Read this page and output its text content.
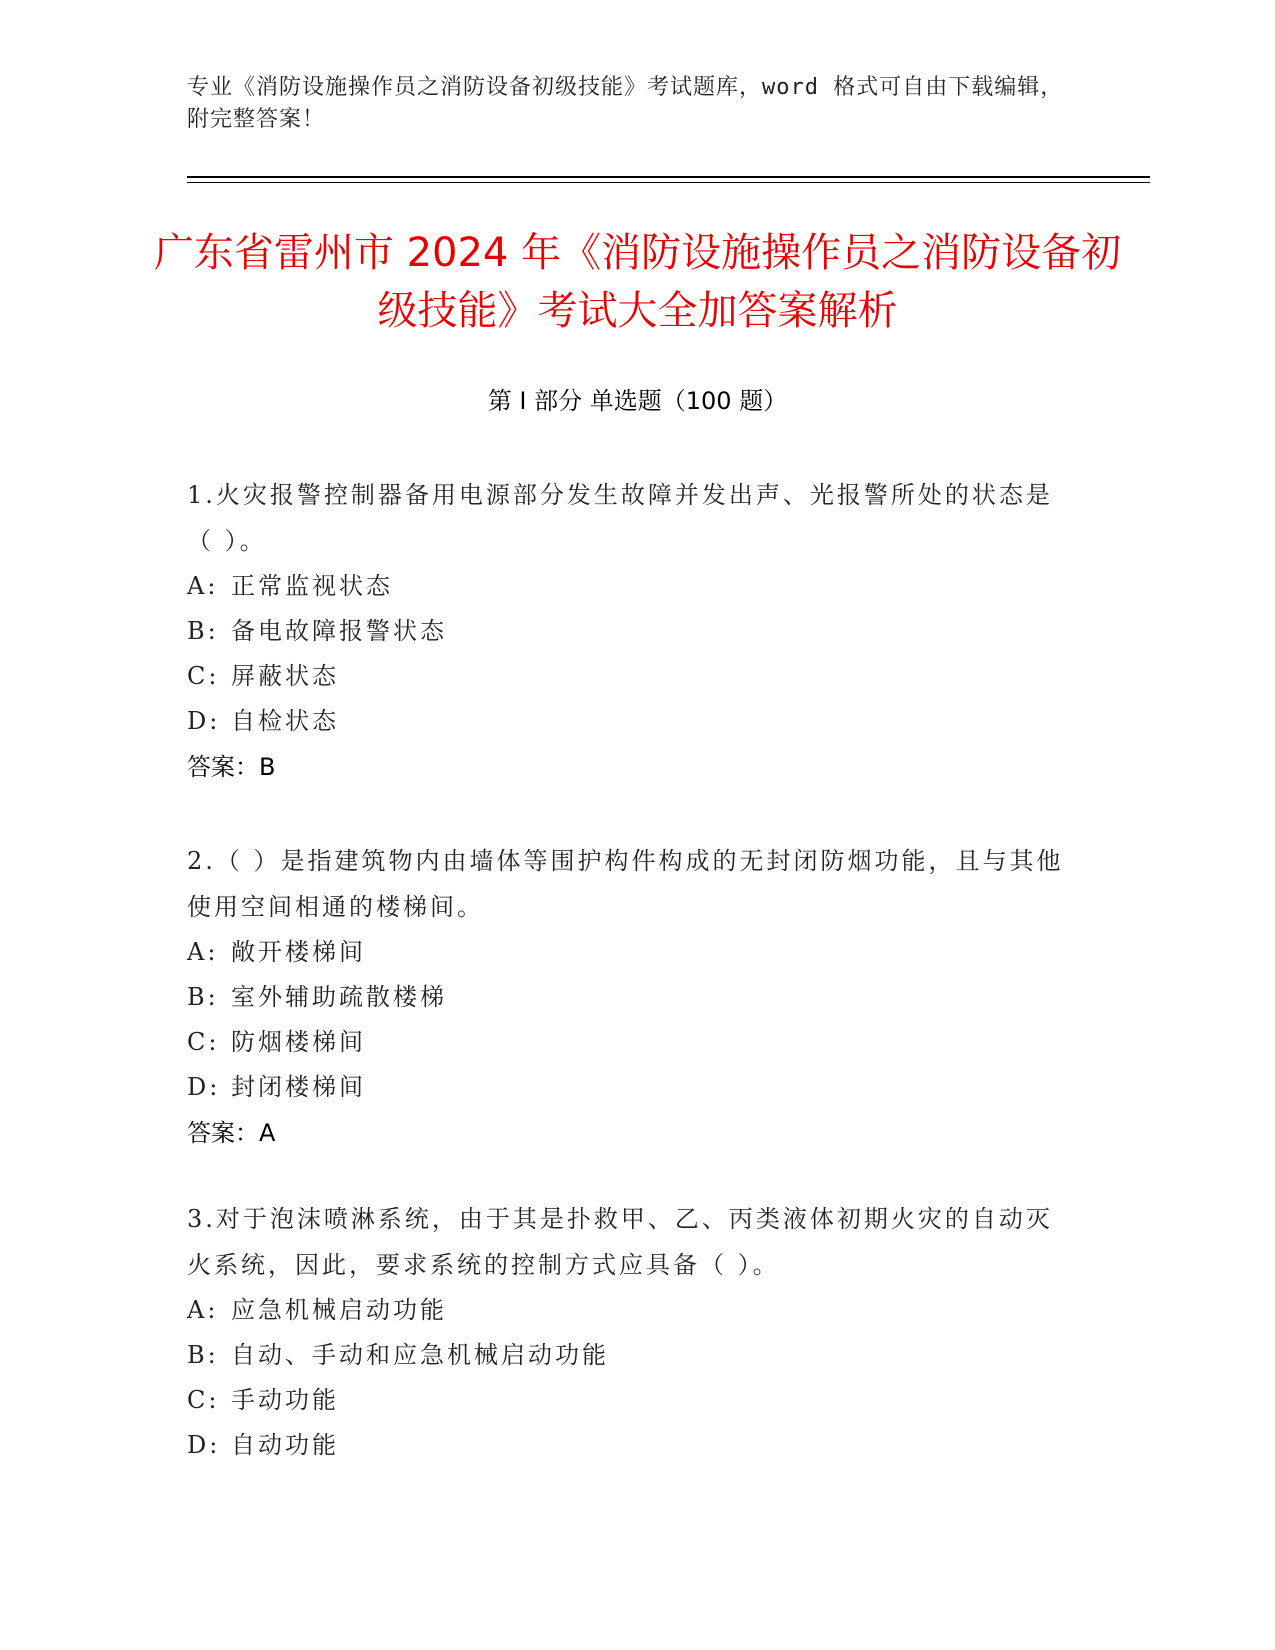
专业《消防设施操作员之消防设备初级技能》考试题库，word 格式可自由下载编辑，附完整答案！
广东省雷州市 2024 年《消防设施操作员之消防设备初级技能》考试大全加答案解析
第 I 部分 单选题（100 题）
1.火灾报警控制器备用电源部分发生故障并发出声、光报警所处的状态是（ ）。
A: 正常监视状态
B: 备电故障报警状态
C: 屏蔽状态
D: 自检状态
答案：B
2.（ ）是指建筑物内由墙体等围护构件构成的无封闭防烟功能，且与其他使用空间相通的楼梯间。
A: 敞开楼梯间
B: 室外辅助疏散楼梯
C: 防烟楼梯间
D: 封闭楼梯间
答案：A
3.对于泡沫喷淋系统，由于其是扑救甲、乙、丙类液体初期火灾的自动灭火系统，因此，要求系统的控制方式应具备（ ）。
A: 应急机械启动功能
B: 自动、手动和应急机械启动功能
C: 手动功能
D: 自动功能
